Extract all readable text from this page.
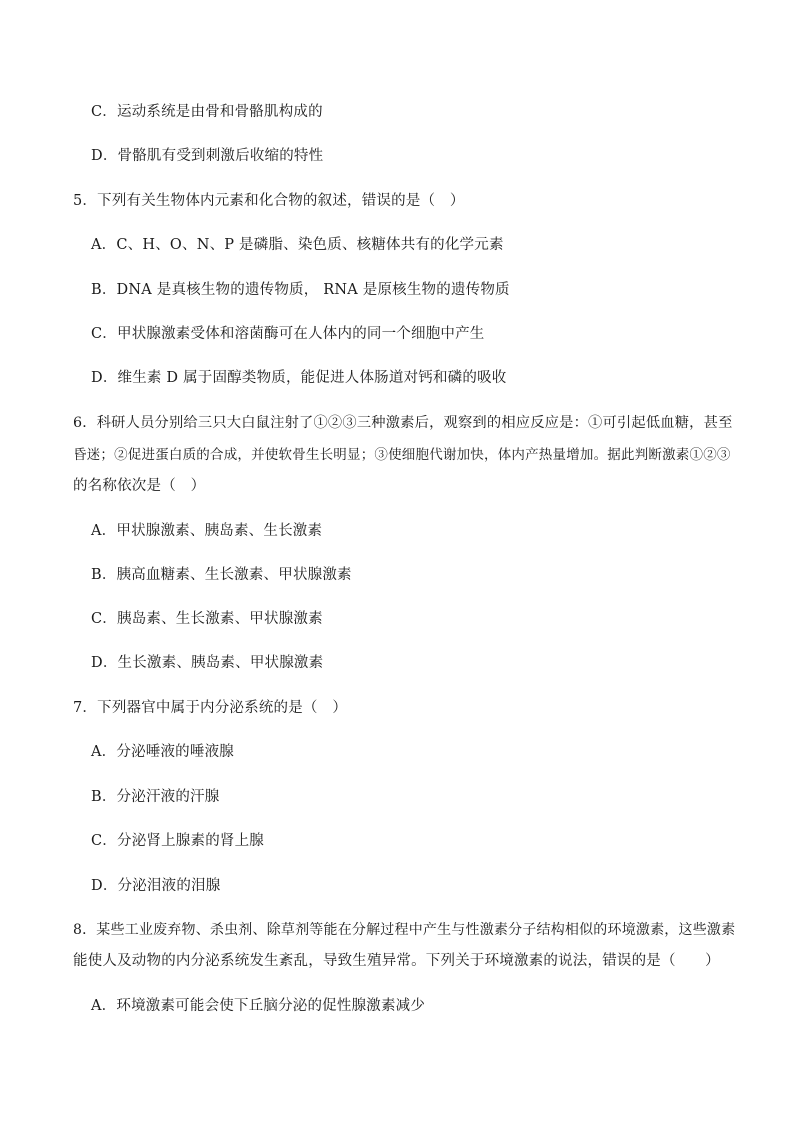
C．运动系统是由骨和骨骼肌构成的
D．骨骼肌有受到刺激后收缩的特性
5．下列有关生物体内元素和化合物的叙述，错误的是（　）
A．C、H、O、N、P 是磷脂、染色质、核糖体共有的化学元素
B．DNA 是真核生物的遗传物质， RNA 是原核生物的遗传物质
C．甲状腺激素受体和溶菌酶可在人体内的同一个细胞中产生
D．维生素 D 属于固醇类物质，能促进人体肠道对钙和磷的吸收
6．科研人员分别给三只大白鼠注射了①②③三种激素后，观察到的相应反应是：①可引起低血糖，甚至
昏迷；②促进蛋白质的合成，并使软骨生长明显；③使细胞代谢加快，体内产热量增加。据此判断激素①②③
的名称依次是（　）
A．甲状腺激素、胰岛素、生长激素
B．胰高血糖素、生长激素、甲状腺激素
C．胰岛素、生长激素、甲状腺激素
D．生长激素、胰岛素、甲状腺激素
7．下列器官中属于内分泌系统的是（　）
A．分泌唾液的唾液腺
B．分泌汗液的汗腺
C．分泌肾上腺素的肾上腺
D．分泌泪液的泪腺
8．某些工业废弃物、杀虫剂、除草剂等能在分解过程中产生与性激素分子结构相似的环境激素，这些激素
能使人及动物的内分泌系统发生紊乱，导致生殖异常。下列关于环境激素的说法，错误的是（　　）
A．环境激素可能会使下丘脑分泌的促性腺激素减少
